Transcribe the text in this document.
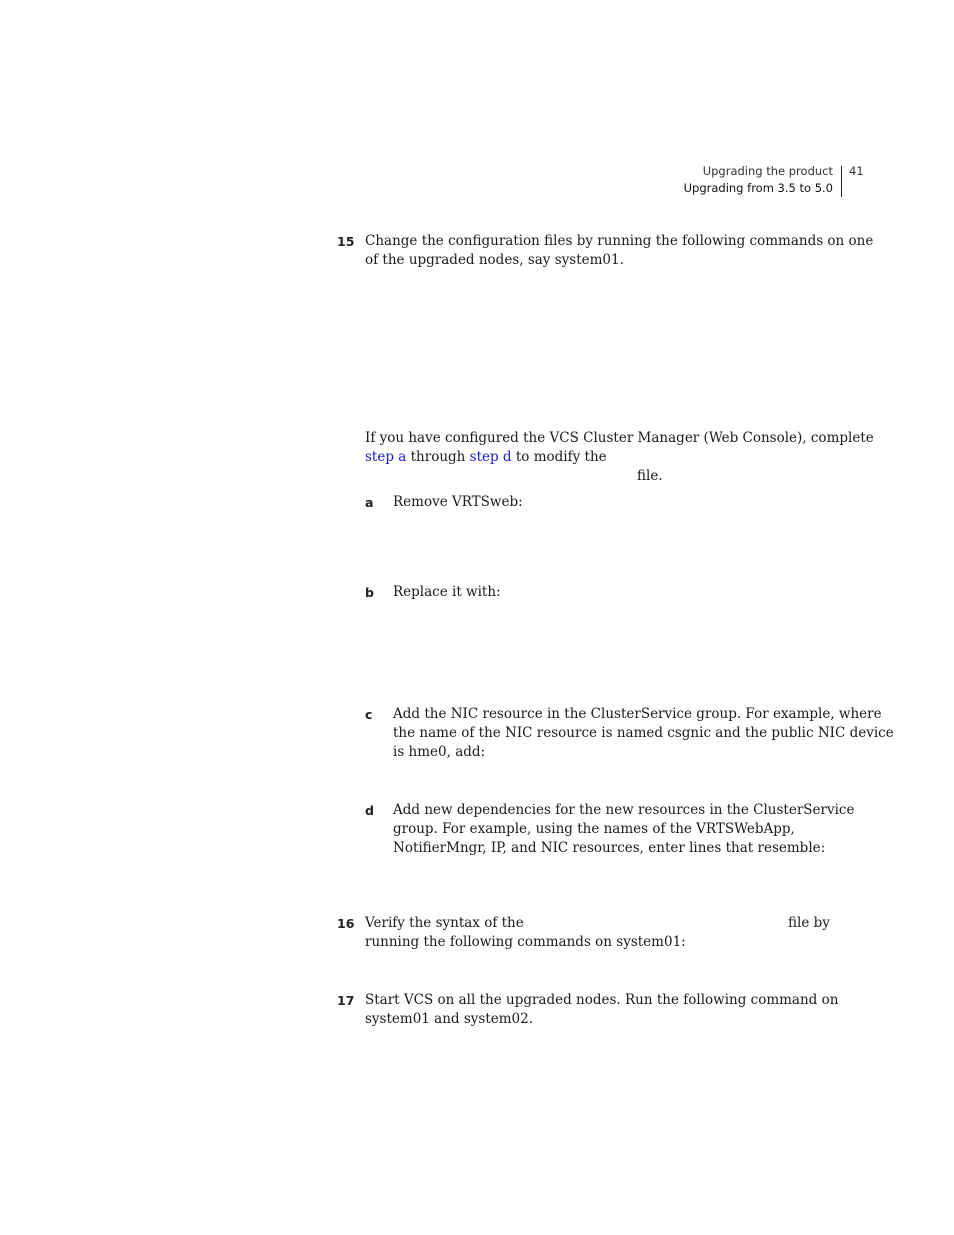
Upgrading the product
Upgrading from 3.5 to 5.0
41
15 Change the configuration files by running the following commands on one
of the upgraded nodes, say system01.
If you have configured the VCS Cluster Manager (Web Console), complete
step a through step d to modify the
file.
a Remove VRTSweb:
b Replace it with:
c Add the NIC resource in the ClusterService group. For example, where
the name of the NIC resource is named csgnic and the public NIC device
is hme0, add:
d Add new dependencies for the new resources in the ClusterService
group. For example, using the names of the VRTSWebApp,
NotifierMngr, IP, and NIC resources, enter lines that resemble:
16 Verify the syntax of the	file by
running the following commands on system01:
17 Start VCS on all the upgraded nodes. Run the following command on
system01 and system02.
